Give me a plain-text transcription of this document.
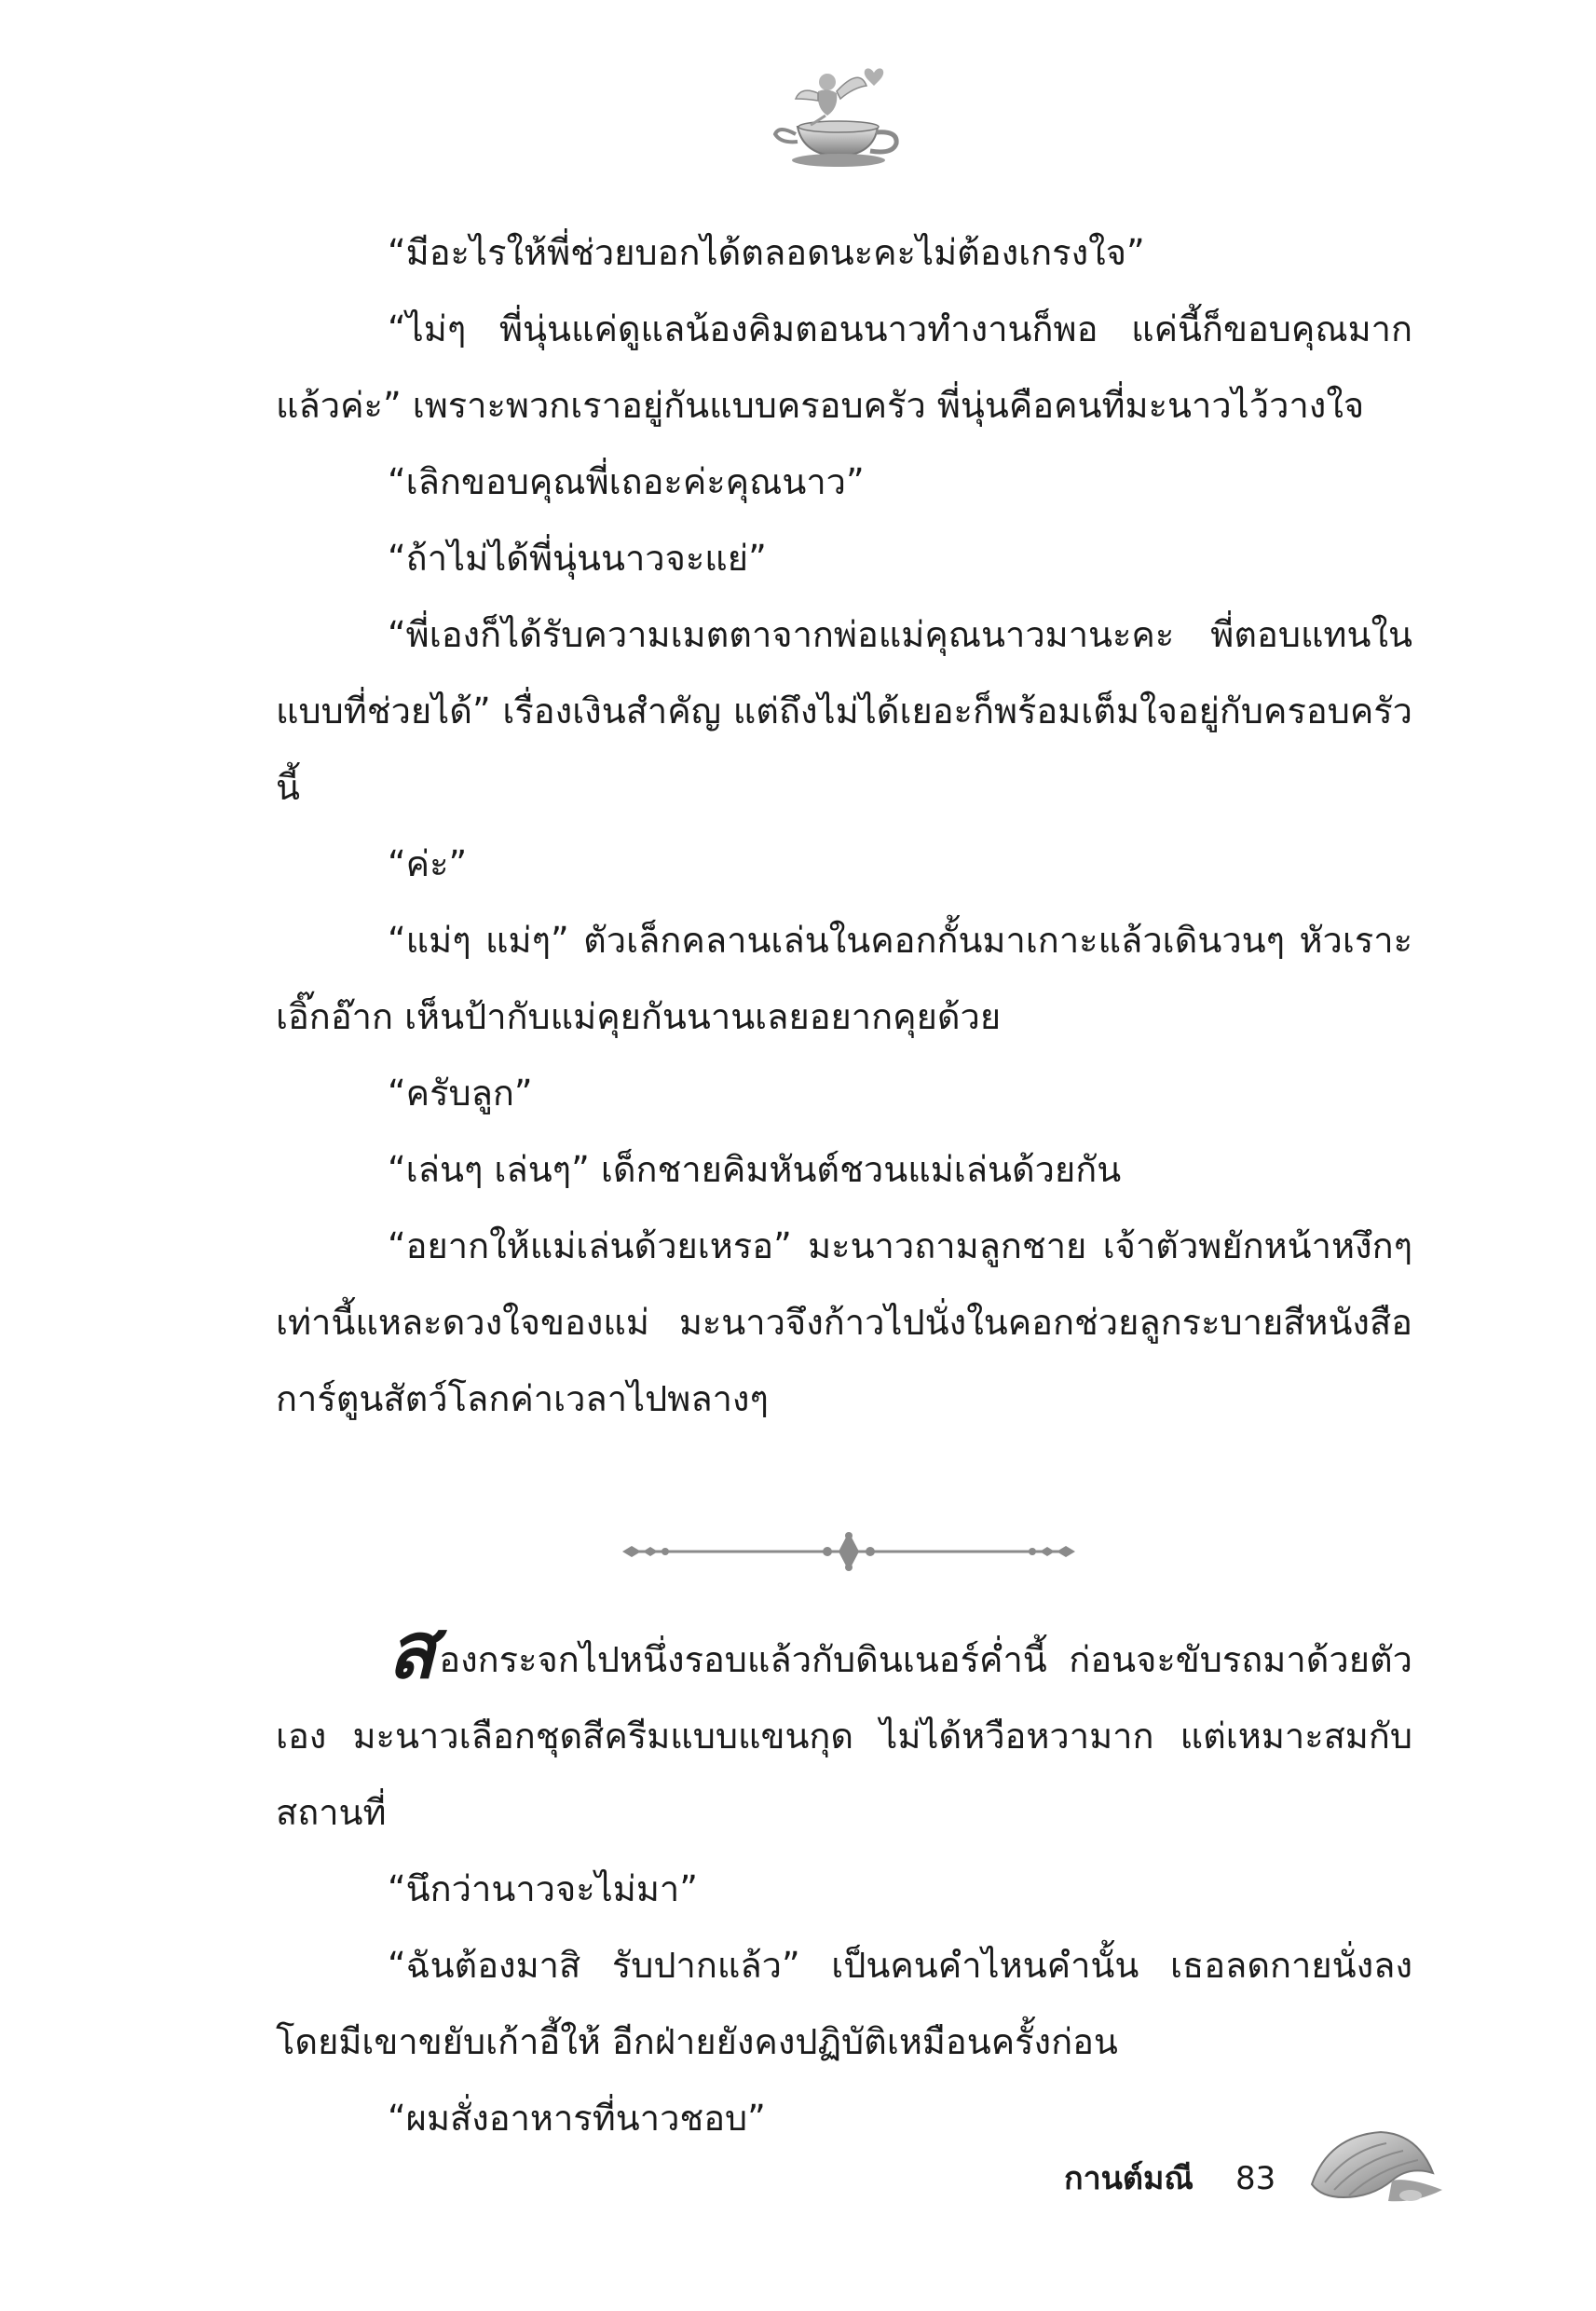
“มีอะไรให้พี่ช่วยบอกได้ตลอดนะคะไม่ต้องเกรงใจ”

“ไม่ๆ พี่นุ่นแค่ดูแลน้องคิมตอนนาวทำงานก็พอ แค่นี้ก็ขอบคุณมากแล้วค่ะ” เพราะพวกเราอยู่กันแบบครอบครัว พี่นุ่นคือคนที่มะนาวไว้วางใจ

“เลิกขอบคุณพี่เถอะค่ะคุณนาว”

“ถ้าไม่ได้พี่นุ่นนาวจะแย่”

“พี่เองก็ได้รับความเมตตาจากพ่อแม่คุณนาวมานะคะ พี่ตอบแทนในแบบที่ช่วยได้” เรื่องเงินสำคัญ แต่ถึงไม่ได้เยอะก็พร้อมเต็มใจอยู่กับครอบครัวนี้

“ค่ะ”

“แม่ๆ แม่ๆ” ตัวเล็กคลานเล่นในคอกกั้นมาเกาะแล้วเดินวนๆ หัวเราะเอิ๊กอ๊าก เห็นป้ากับแม่คุยกันนานเลยอยากคุยด้วย

“ครับลูก”

“เล่นๆ เล่นๆ” เด็กชายคิมหันต์ชวนแม่เล่นด้วยกัน

“อยากให้แม่เล่นด้วยเหรอ” มะนาวถามลูกชาย เจ้าตัวพยักหน้าหงึกๆ เท่านี้แหละดวงใจของแม่ มะนาวจึงก้าวไปนั่งในคอกช่วยลูกระบายสีหนังสือการ์ตูนสัตว์โลกค่าเวลาไปพลางๆ

ส ่องกระจกไปหนึ่งรอบแล้วกับดินเนอร์ค่ำนี้ ก่อนจะขับรถมาด้วยตัวเอง มะนาวเลือกชุดสีครีมแบบแขนกุด ไม่ได้หวือหวามาก แต่เหมาะสมกับสถานที่

“นึกว่านาวจะไม่มา”

“ฉันต้องมาสิ รับปากแล้ว” เป็นคนคำไหนคำนั้น เธอลดกายนั่งลงโดยมีเขาขยับเก้าอี้ให้ อีกฝ่ายยังคงปฏิบัติเหมือนครั้งก่อน

“ผมสั่งอาหารที่นาวชอบ”

กานต์มณี 83
